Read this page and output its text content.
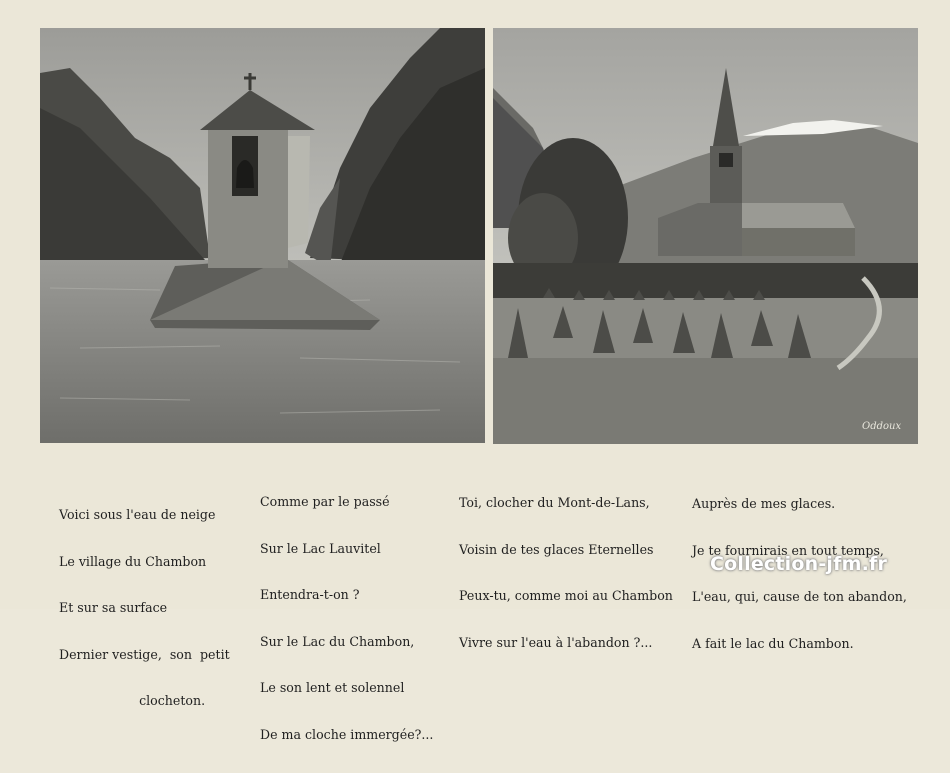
Oddoux

Voici sous l'eau de neige

Le village du Chambon

Et sur sa surface

Dernier vestige,  son  petit

clocheton.

Comme par le passé

Sur le Lac Lauvitel

Entendra-t-on ?

Sur le Lac du Chambon,

Le son lent et solennel

De ma cloche immergée?...

Toi, clocher du Mont-de-Lans,

Voisin de tes glaces Eternelles

Peux-tu, comme moi au Chambon

Vivre sur l'eau à l'abandon ?...

Auprès de mes glaces.

Je te fournirais en tout temps,

L'eau, qui, cause de ton abandon,

A fait le lac du Chambon.

Collection-jfm.fr
